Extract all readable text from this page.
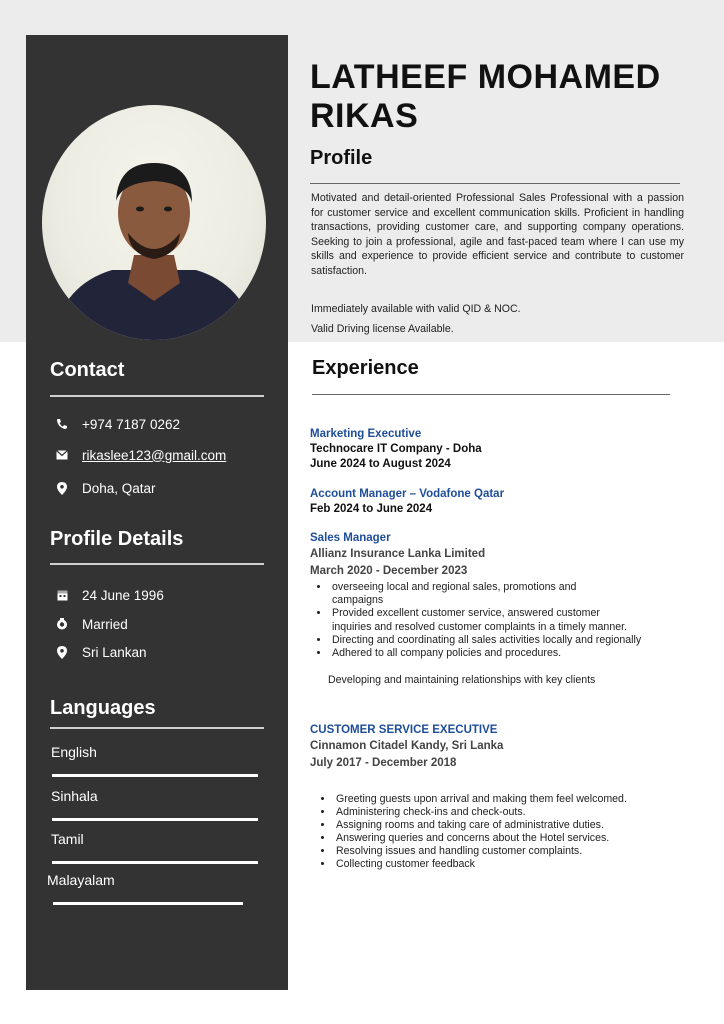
Contact
+974 7187 0262
rikaslee123@gmail.com
Doha, Qatar
Profile Details
24 June 1996
Married
Sri Lankan
Languages
English
Sinhala
Tamil
Malayalam
LATHEEF MOHAMED
RIKAS
Profile
Motivated and detail-oriented Professional Sales Professional with a passion for customer service and excellent communication skills. Proficient in handling transactions, providing customer care, and supporting company operations. Seeking to join a professional, agile and fast-paced team where I can use my skills and experience to provide efficient service and contribute to customer satisfaction.
Immediately available with valid QID & NOC.
Valid Driving license Available.
Experience
Marketing Executive
Technocare IT Company - Doha
June 2024 to August 2024
Account Manager – Vodafone Qatar
Feb 2024 to June 2024
Sales Manager
Allianz Insurance Lanka Limited
March 2020 - December 2023
• overseeing local and regional sales, promotions and campaigns
• Provided excellent customer service, answered customer inquiries and resolved customer complaints in a timely manner.
• Directing and coordinating all sales activities locally and regionally
• Adhered to all company policies and procedures.
Developing and maintaining relationships with key clients
CUSTOMER SERVICE EXECUTIVE
Cinnamon Citadel Kandy, Sri Lanka
July 2017 - December 2018
• Greeting guests upon arrival and making them feel welcomed.
• Administering check-ins and check-outs.
• Assigning rooms and taking care of administrative duties.
• Answering queries and concerns about the Hotel services.
• Resolving issues and handling customer complaints.
• Collecting customer feedback
